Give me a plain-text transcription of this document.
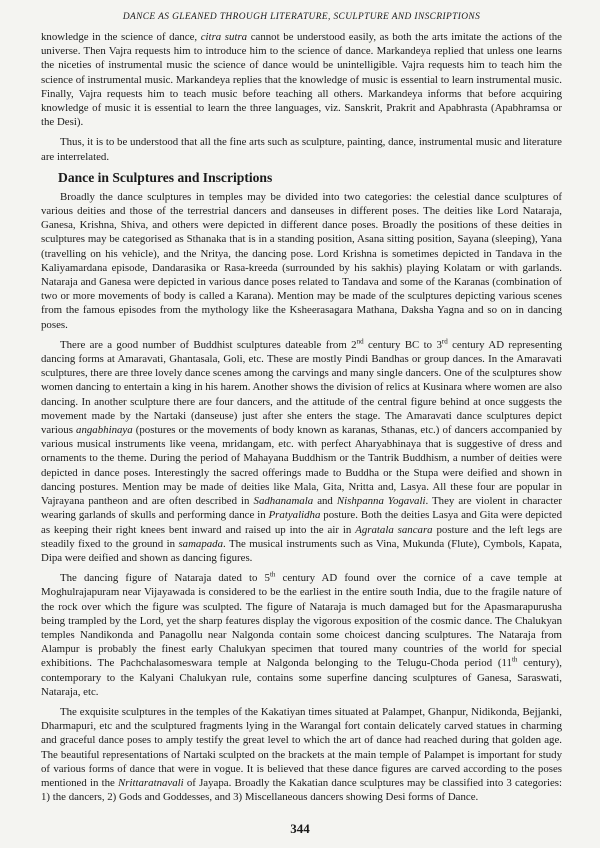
DANCE AS GLEANED THROUGH LITERATURE, SCULPTURE AND INSCRIPTIONS

knowledge in the science of dance, citra sutra cannot be understood easily, as both the arts imitate the actions of the universe. Then Vajra requests him to introduce him to the science of dance. Markandeya replied that unless one learns the niceties of instrumental music the science of dance would be unintelligible. Vajra requests him to teach him the science of instrumental music. Markandeya replies that the knowledge of music is essential to learn instrumental music. Finally, Vajra requests him to teach music before teaching all others. Markandeya informs that before acquiring knowledge of music it is essential to learn the three languages, viz. Sanskrit, Prakrit and Apabhrasta (Apabhramsa or the Desi).

Thus, it is to be understood that all the fine arts such as sculpture, painting, dance, instrumental music and literature are interrelated.

Dance in Sculptures and Inscriptions

Broadly the dance sculptures in temples may be divided into two categories: the celestial dance sculptures of various deities and those of the terrestrial dancers and danseuses in different poses. The deities like Lord Nataraja, Ganesa, Krishna, Shiva, and others were depicted in different dance poses. Broadly the positions of these deities in sculptures may be categorised as Sthanaka that is in a standing position, Asana sitting position, Sayana (sleeping), Yana (travelling on his vehicle), and the Nritya, the dancing pose. Lord Krishna is sometimes depicted in Tandava in the Kaliyamardana episode, Dandarasika or Rasa-kreeda (surrounded by his sakhis) playing Kolatam or with garlands. Nataraja and Ganesa were depicted in various dance poses related to Tandava and some of the Karanas (combination of two or more movements of body is called a Karana). Mention may be made of the sculptures depicting various scenes from the famous episodes from the mythology like the Ksheerasagara Mathana, Daksha Yagna and so on in dancing poses.

There are a good number of Buddhist sculptures dateable from 2nd century BC to 3rd century AD representing dancing forms at Amaravati, Ghantasala, Goli, etc. These are mostly Pindi Bandhas or group dances. In the Amaravati sculptures, there are three lovely dance scenes among the carvings and many single dancers. One of the sculptures show women dancing to entertain a king in his harem. Another shows the division of relics at Kusinara where women are also dancing. In another sculpture there are four dancers, and the attitude of the central figure behind at once suggests the movement made by the Nartaki (danseuse) just after she enters the stage. The Amaravati dance sculptures depict various angabhinaya (postures or the movements of body known as karanas, Sthanas, etc.) of dancers accompanied by various musical instruments like veena, mridangam, etc. with perfect Aharyabhinaya that is suggestive of dress and ornaments to the theme. During the period of Mahayana Buddhism or the Tantrik Buddhism, a number of deities were depicted in dance poses. Interestingly the sacred offerings made to Buddha or the Stupa were deified and shown in dancing postures. Mention may be made of deities like Mala, Gita, Nritta and, Lasya. All these four are popular in Vajrayana pantheon and are often described in Sadhanamala and Nishpanna Yogavali. They are violent in character wearing garlands of skulls and performing dance in Pratyalidha posture. Both the deities Lasya and Gita were depicted as keeping their right knees bent inward and raised up into the air in Agratala sancara posture and the left legs are steadily fixed to the ground in samapada. The musical instruments such as Vina, Mukunda (Flute), Cymbols, Kapata, Dipa were deified and shown as dancing figures.

The dancing figure of Nataraja dated to 5th century AD found over the cornice of a cave temple at Moghulrajapuram near Vijayawada is considered to be the earliest in the entire south India, due to the fragile nature of the rock over which the figure was sculpted. The figure of Nataraja is much damaged but for the Apasmarapurusha being trampled by the Lord, yet the sharp features display the vigorous exposition of the cosmic dance. The Chalukyan temples Nandikonda and Panagollu near Nalgonda contain some choicest dancing sculptures. The Nataraja from Alampur is probably the finest early Chalukyan specimen that toured many countries of the world for special exhibitions. The Pachchalasomeswara temple at Nalgonda belonging to the Telugu-Choda period (11th century), contemporary to the Kalyani Chalukyan rule, contains some superfine dancing sculptures of Ganesa, Saraswati, Nataraja, etc.

The exquisite sculptures in the temples of the Kakatiyan times situated at Palampet, Ghanpur, Nidikonda, Bejjanki, Dharmapuri, etc and the sculptured fragments lying in the Warangal fort contain delicately carved statues in charming and graceful dance poses to amply testify the great level to which the art of dance had reached during that golden age. The beautiful representations of Nartaki sculpted on the brackets at the main temple of Palampet is important for study of various forms of dance that were in vogue. It is believed that these dance figures are carved according to the poses mentioned in the Nrittaratnavali of Jayapa. Broadly the Kakatian dance sculptures may be classified into 3 categories: 1) the dancers, 2) Gods and Goddesses, and 3) Miscellaneous dancers showing Desi forms of Dance.

344
